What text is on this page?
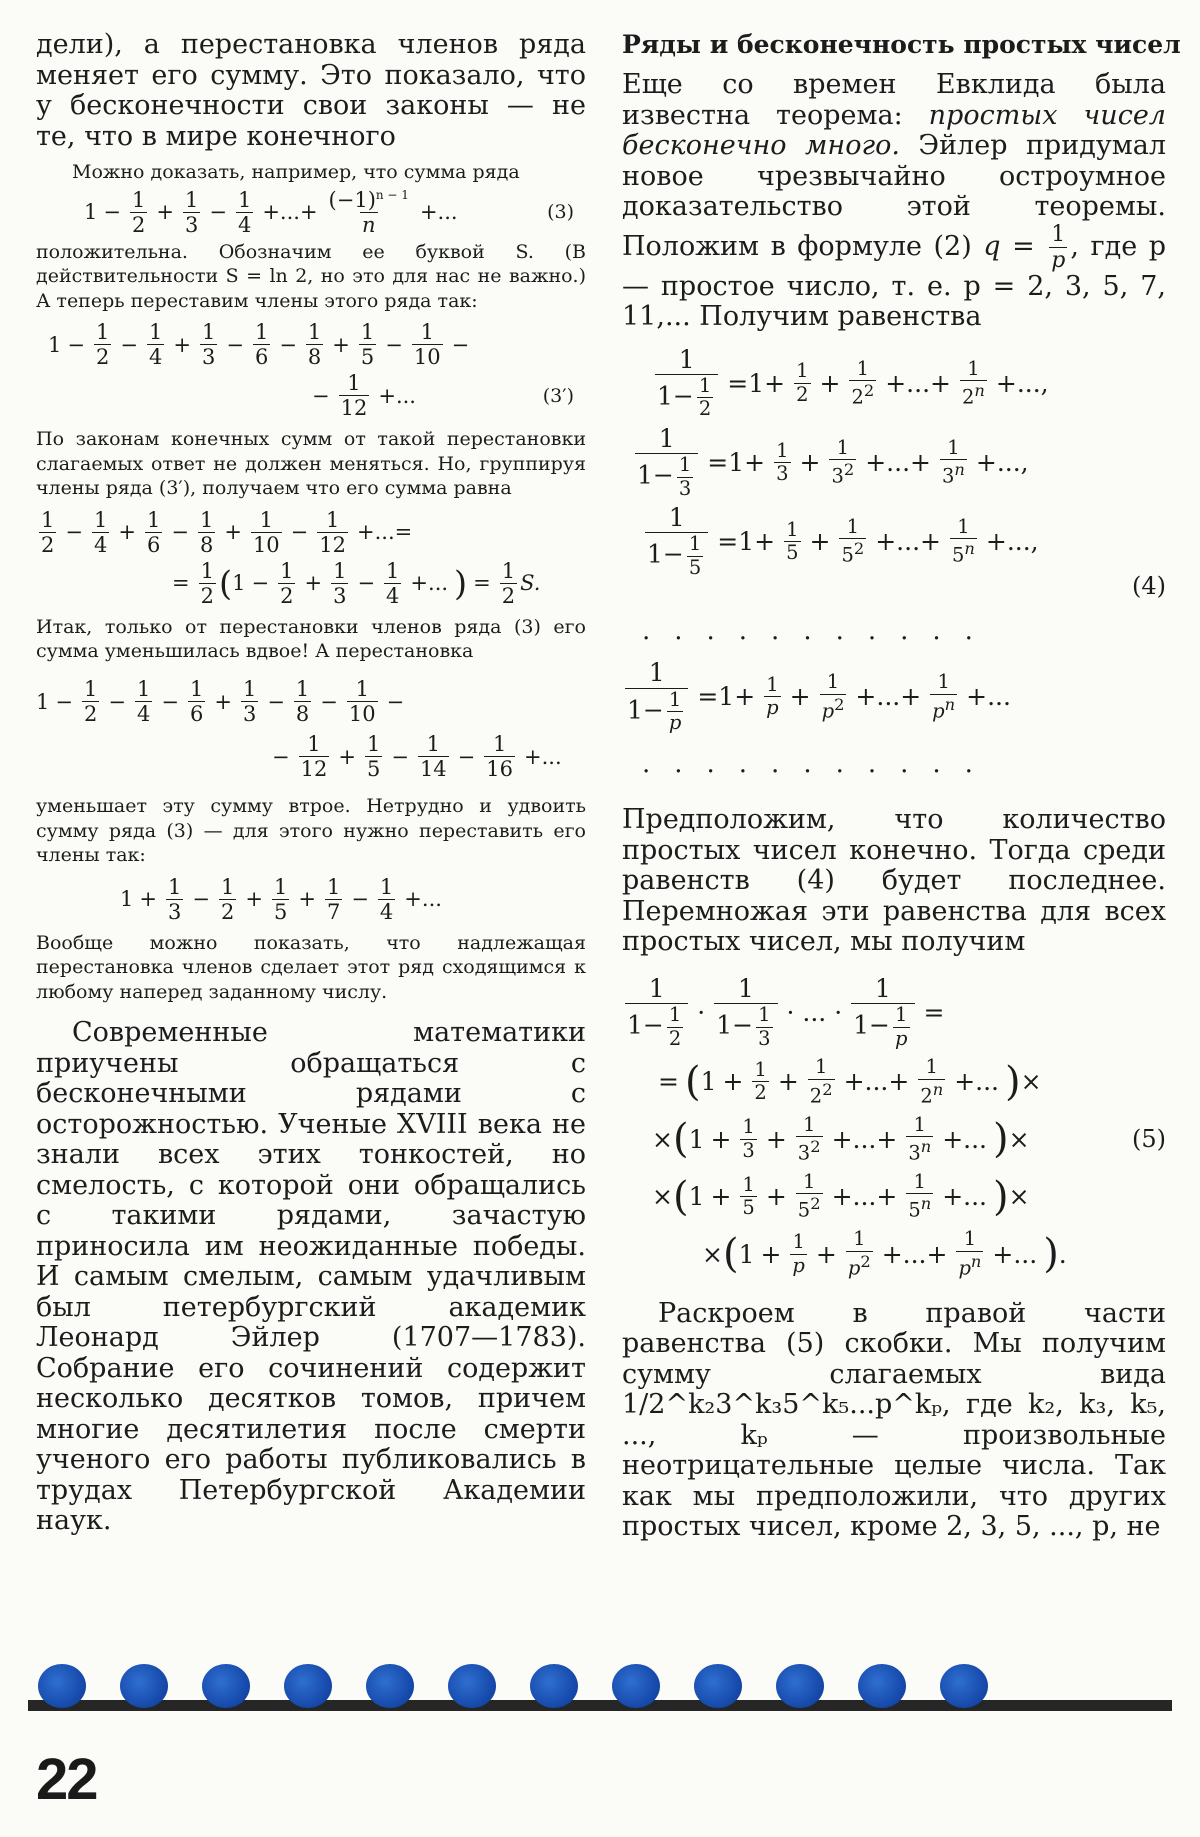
дели), а перестановка членов ряда меняет его сумму. Это показало, что у бесконечности свои законы — не те, что в мире конечного

Можно доказать, например, что сумма ряда

$1 - \frac{1}{2} + \frac{1}{3} - \frac{1}{4}$ +...+ $\frac{(-1)^{n - 1}}{n}$ +...	(3)

положительна. Обозначим ее буквой S. (В действительности S = ln 2, но это для нас не важно.) А теперь переставим члены этого ряда так:

$1 - \frac{1}{2} - \frac{1}{4} + \frac{1}{3} - \frac{1}{6} - \frac{1}{8} + \frac{1}{5} - \frac{1}{10}$ −
− $\frac{1}{12}$ +...	(3′)

По законам конечных сумм от такой перестановки слагаемых ответ не должен меняться. Но, группируя члены ряда (3′), получаем что его сумма равна

$\frac{1}{2} - \frac{1}{4} + \frac{1}{6} - \frac{1}{8} + \frac{1}{10} - \frac{1}{12}$ +...=
= $\frac{1}{2}$ ( $1 - \frac{1}{2} + \frac{1}{3} - \frac{1}{4}$ +... ) = $\frac{1}{2} S$.

Итак, только от перестановки членов ряда (3) его сумма уменьшилась вдвое! А перестановка

$1 - \frac{1}{2} - \frac{1}{4} - \frac{1}{6} + \frac{1}{3} - \frac{1}{8} - \frac{1}{10}$ −
− $\frac{1}{12} + \frac{1}{5} - \frac{1}{14} - \frac{1}{16}$ +...

уменьшает эту сумму втрое. Нетрудно и удвоить сумму ряда (3) — для этого нужно переставить его члены так:

$1 + \frac{1}{3} - \frac{1}{2} + \frac{1}{5} + \frac{1}{7} - \frac{1}{4}$ +...

Вообще можно показать, что надлежащая перестановка членов сделает этот ряд сходящимся к любому наперед заданному числу.

Современные математики приучены обращаться с бесконечными рядами с осторожностью. Ученые XVIII века не знали всех этих тонкостей, но смелость, с которой они обращались с такими рядами, зачастую приносила им неожиданные победы. И самым смелым, самым удачливым был петербургский академик Леонард Эйлер (1707—1783). Собрание его сочинений содержит несколько десятков томов, причем многие десятилетия после смерти ученого его работы публиковались в трудах Петербургской Академии наук.

Ряды и бесконечность простых чисел

Еще со времен Евклида была известна теорема: простых чисел бесконечно много. Эйлер придумал новое чрезвычайно остроумное доказательство этой теоремы. Положим в формуле (2) $q = \frac{1}{p}$ , где p — простое число, т. е. p = 2, 3, 5, 7, 11,... Получим равенства

$\frac{1}{1- \frac{1}{2}} =1+ \frac{1}{2} + \frac{1}{2^2}$ +...+ $\frac{1}{2^n}$ +...,
$\frac{1}{1- \frac{1}{3}} =1+ \frac{1}{3} + \frac{1}{3^2}$ +...+ $\frac{1}{3^n}$ +...,
$\frac{1}{1- \frac{1}{5}} =1+ \frac{1}{5} + \frac{1}{5^2}$ +...+ $\frac{1}{5^n}$ +...,
(4)
...........
$\frac{1}{1- \frac{1}{p}} =1+ \frac{1}{p} + \frac{1}{p^2}$ +...+ $\frac{1}{p^n}$ +...
...........

Предположим, что количество простых чисел конечно. Тогда среди равенств (4) будет последнее. Перемножая эти равенства для всех простых чисел, мы получим

$\frac{1}{1- \frac{1}{2}} \cdot \frac{1}{1- \frac{1}{3}}$ · ... · $\frac{1}{1- \frac{1}{p}}$ =
= ( $1 + \frac{1}{2} + \frac{1}{2^2}$ +...+ $\frac{1}{2^n}$ +... ) ×
× ( $1 + \frac{1}{3} + \frac{1}{3^2}$ +...+ $\frac{1}{3^n}$ +... ) ×	(5)
× ( $1 + \frac{1}{5} + \frac{1}{5^2}$ +...+ $\frac{1}{5^n}$ +... ) ×
× ( $1 + \frac{1}{p} + \frac{1}{p^2}$ +...+ $\frac{1}{p^n}$ +... ) .

Раскроем в правой части равенства (5) скобки. Мы получим сумму слагаемых вида 1/2^k₂3^k₃5^k₅...p^kₚ, где k₂, k₃, k₅, ..., kₚ — произвольные неотрицательные целые числа. Так как мы предположили, что других простых чисел, кроме 2, 3, 5, ..., p, не

22
